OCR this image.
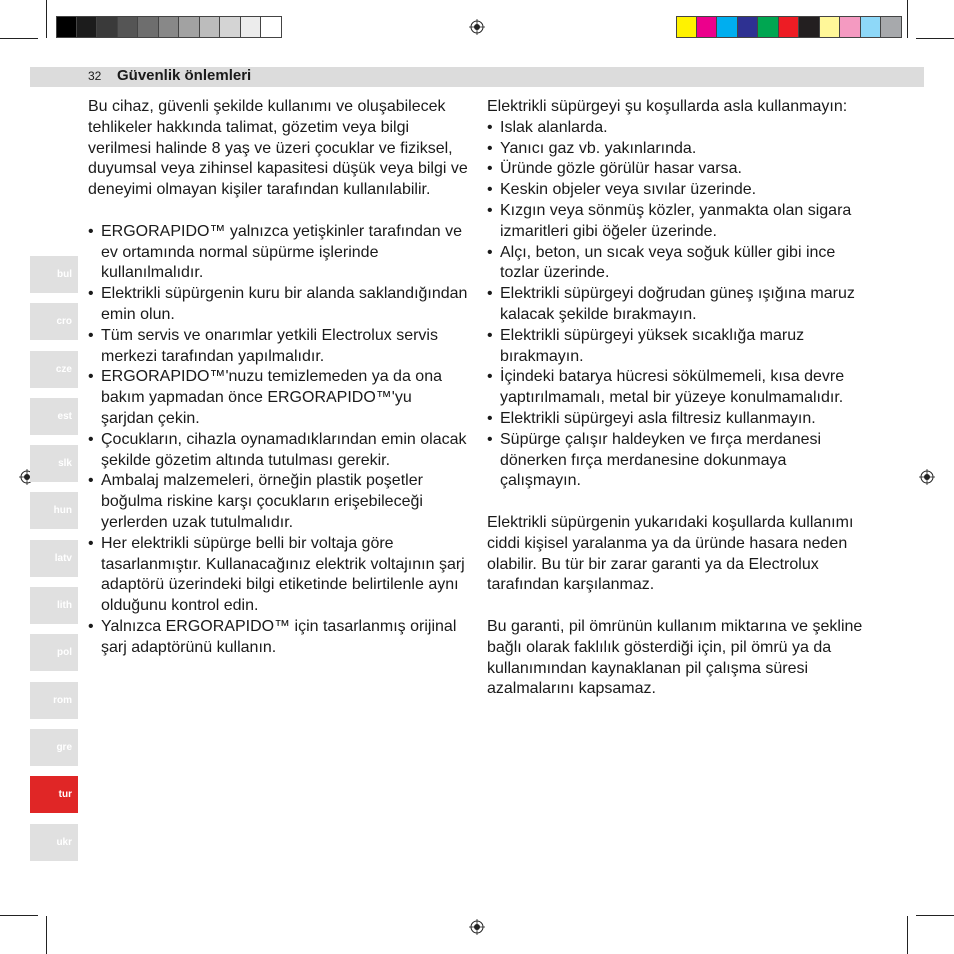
32 Güvenlik önlemleri
bul
cro
cze
est
slk
hun
latv
lith
pol
rom
gre
tur
ukr

Bu cihaz, güvenli şekilde kullanımı ve oluşabilecek tehlikeler hakkında talimat, gözetim veya bilgi verilmesi halinde 8 yaş ve üzeri çocuklar ve fiziksel, duyumsal veya zihinsel kapasitesi düşük veya bilgi ve deneyimi olmayan kişiler tarafından kullanılabilir.

• ERGORAPIDO™ yalnızca yetişkinler tarafından ve ev ortamında normal süpürme işlerinde kullanılmalıdır.
• Elektrikli süpürgenin kuru bir alanda saklandığından emin olun.
• Tüm servis ve onarımlar yetkili Electrolux servis merkezi tarafından yapılmalıdır.
• ERGORAPIDO™'nuzu temizlemeden ya da ona bakım yapmadan önce ERGORAPIDO™'yu şarjdan çekin.
• Çocukların, cihazla oynamadıklarından emin olacak şekilde gözetim altında tutulması gerekir.
• Ambalaj malzemeleri, örneğin plastik poşetler boğulma riskine karşı çocukların erişebileceği yerlerden uzak tutulmalıdır.
• Her elektrikli süpürge belli bir voltaja göre tasarlanmıştır. Kullanacağınız elektrik voltajının şarj adaptörü üzerindeki bilgi etiketinde belirtilenle aynı olduğunu kontrol edin.
• Yalnızca ERGORAPIDO™ için tasarlanmış orijinal şarj adaptörünü kullanın.
Elektrikli süpürgeyi şu koşullarda asla kullanmayın:
• Islak alanlarda.
• Yanıcı gaz vb. yakınlarında.
• Üründe gözle görülür hasar varsa.
• Keskin objeler veya sıvılar üzerinde.
• Kızgın veya sönmüş közler, yanmakta olan sigara izmaritleri gibi öğeler üzerinde.
• Alçı, beton, un sıcak veya soğuk küller gibi ince tozlar üzerinde.
• Elektrikli süpürgeyi doğrudan güneş ışığına maruz kalacak şekilde bırakmayın.
• Elektrikli süpürgeyi yüksek sıcaklığa maruz bırakmayın.
• İçindeki batarya hücresi sökülmemeli, kısa devre yaptırılmamalı, metal bir yüzeye konulmamalıdır.
• Elektrikli süpürgeyi asla filtresiz kullanmayın.
• Süpürge çalışır haldeyken ve fırça merdanesi dönerken fırça merdanesine dokunmaya çalışmayın.

Elektrikli süpürgenin yukarıdaki koşullarda kullanımı ciddi kişisel yaralanma ya da üründe hasara neden olabilir. Bu tür bir zarar garanti ya da Electrolux tarafından karşılanmaz.

Bu garanti, pil ömrünün kullanım miktarına ve şekline bağlı olarak faklılık gösterdiği için, pil ömrü ya da kullanımından kaynaklanan pil çalışma süresi azalmalarını kapsamaz.
